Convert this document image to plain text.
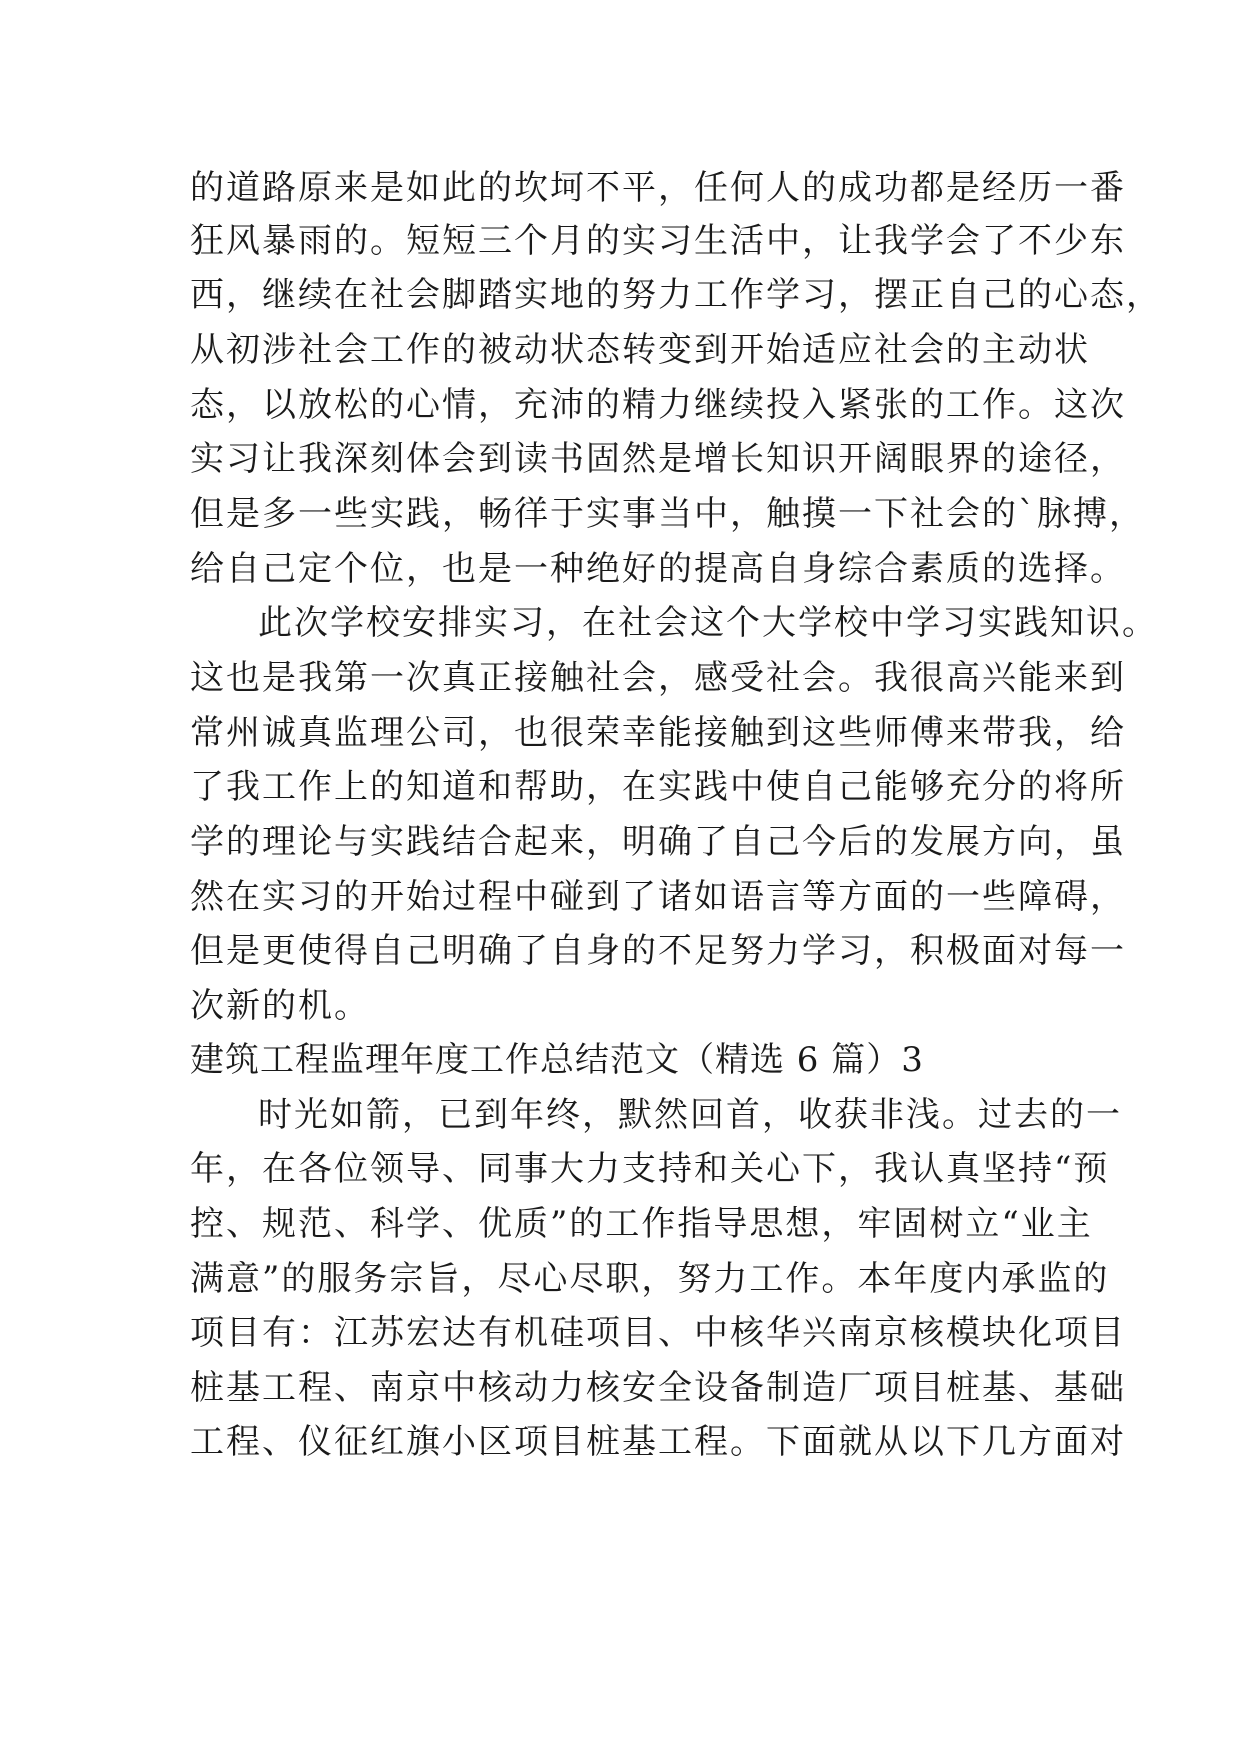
的道路原来是如此的坎坷不平，任何人的成功都是经历一番
狂风暴雨的。短短三个月的实习生活中，让我学会了不少东
西，继续在社会脚踏实地的努力工作学习，摆正自己的心态，
从初涉社会工作的被动状态转变到开始适应社会的主动状
态，以放松的心情，充沛的精力继续投入紧张的工作。这次
实习让我深刻体会到读书固然是增长知识开阔眼界的途径，
但是多一些实践，畅徉于实事当中，触摸一下社会的`脉搏，
给自己定个位，也是一种绝好的提高自身综合素质的选择。
此次学校安排实习，在社会这个大学校中学习实践知识。
这也是我第一次真正接触社会，感受社会。我很高兴能来到
常州诚真监理公司，也很荣幸能接触到这些师傅来带我，给
了我工作上的知道和帮助，在实践中使自己能够充分的将所
学的理论与实践结合起来，明确了自己今后的发展方向，虽
然在实习的开始过程中碰到了诸如语言等方面的一些障碍，
但是更使得自己明确了自身的不足努力学习，积极面对每一
次新的机。
建筑工程监理年度工作总结范文（精选 6 篇）3
时光如箭，已到年终，默然回首，收获非浅。过去的一
年，在各位领导、同事大力支持和关心下，我认真坚持“预
控、规范、科学、优质”的工作指导思想，牢固树立“业主
满意”的服务宗旨，尽心尽职，努力工作。本年度内承监的
项目有：江苏宏达有机硅项目、中核华兴南京核模块化项目
桩基工程、南京中核动力核安全设备制造厂项目桩基、基础
工程、仪征红旗小区项目桩基工程。下面就从以下几方面对
